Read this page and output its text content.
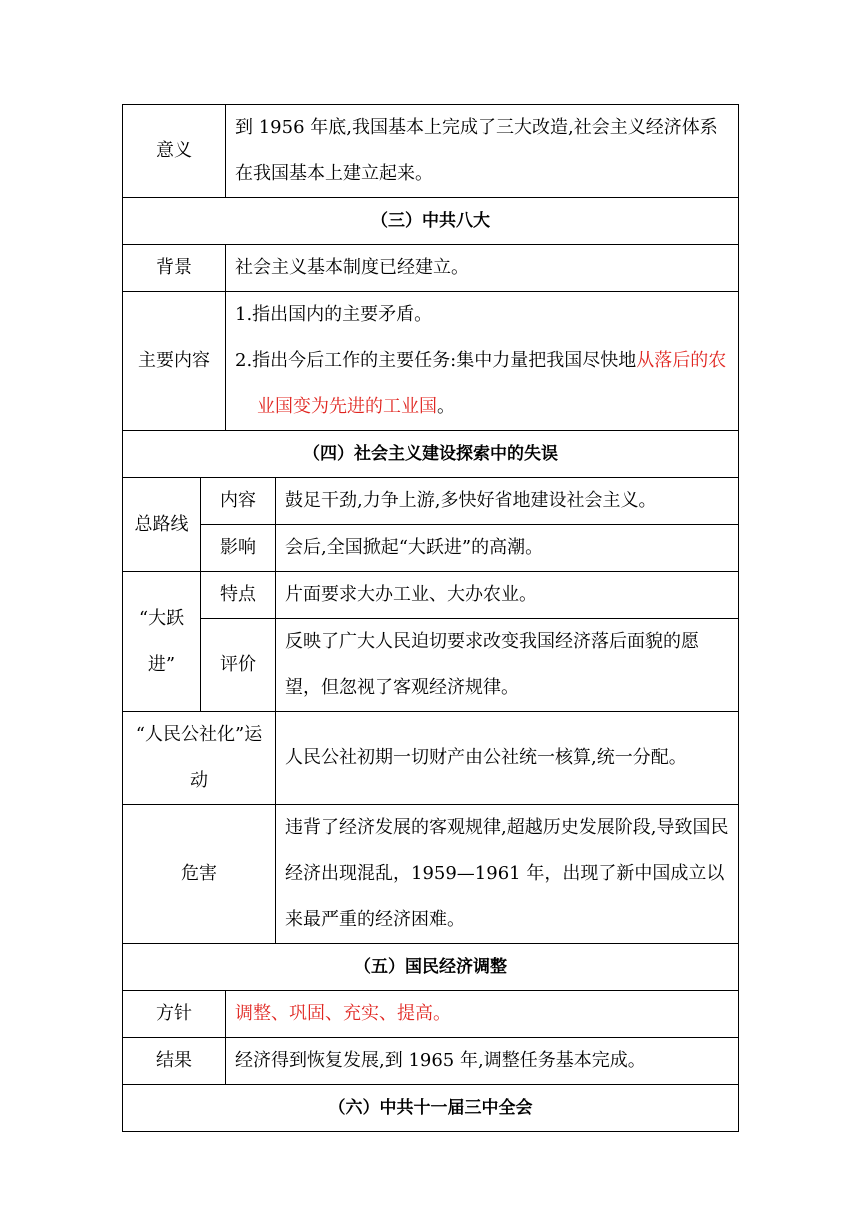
意义		到 1956 年底,我国基本上完成了三大改造,社会主义经济体系在我国基本上建立起来。	
（三）中共八大			
背景		社会主义基本制度已经建立。	
主要内容		1.指出国内的主要矛盾。
2.指出今后工作的主要任务:集中力量把我国尽快地从落后的农业国变为先进的工业国。	

（四）社会主义建设探索中的失误			
总路线	内容		鼓足干劲,力争上游,多快好省地建设社会主义。
	影响		会后,全国掀起“大跃进”的高潮。
“大跃进”	特点		片面要求大办工业、大办农业。
	评价		反映了广大人民迫切要求改变我国经济落后面貌的愿望，但忽视了客观经济规律。
“人民公社化”运动			人民公社初期一切财产由公社统一核算,统一分配。
危害			违背了经济发展的客观规律,超越历史发展阶段,导致国民经济出现混乱，1959—1961 年，出现了新中国成立以来最严重的经济困难。
（五）国民经济调整			
方针		调整、巩固、充实、提高。	
结果		经济得到恢复发展,到 1965 年,调整任务基本完成。	
（六）中共十一届三中全会			
